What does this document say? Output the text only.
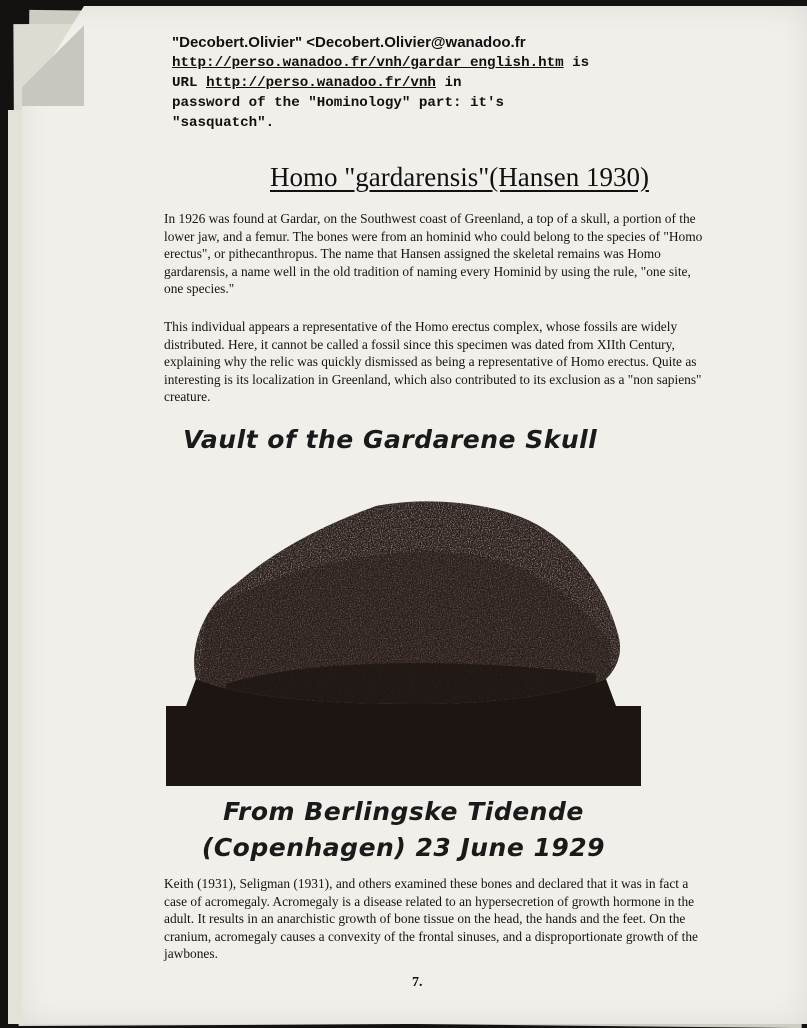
"Decobert.Olivier" <Decobert.Olivier@wanadoo.fr
http://perso.wanadoo.fr/vnh/gardar english.htm is
URL http://perso.wanadoo.fr/vnh in
password of the "Hominology" part: it's
"sasquatch".
Homo "gardarensis"(Hansen 1930)

In 1926 was found at Gardar, on the Southwest coast of Greenland, a top of a skull, a portion of the lower jaw, and a femur. The bones were from an hominid who could belong to the species of "Homo erectus", or pithecanthropus. The name that Hansen assigned the skeletal remains was Homo gardarensis, a name well in the old tradition of naming every Hominid by using the rule, "one site, one species."

This individual appears a representative of the Homo erectus complex, whose fossils are widely distributed. Here, it cannot be called a fossil since this specimen was dated from XIIth Century, explaining why the relic was quickly dismissed as being a representative of Homo erectus. Quite as interesting is its localization in Greenland, which also contributed to its exclusion as a "non sapiens" creature.

Vault of the Gardarene Skull
From Berlingske Tidende
(Copenhagen) 23 June 1929

Keith (1931), Seligman (1931), and others examined these bones and declared that it was in fact a case of acromegaly. Acromegaly is a disease related to an hypersecretion of growth hormone in the adult. It results in an anarchistic growth of bone tissue on the head, the hands and the feet. On the cranium, acromegaly causes a convexity of the frontal sinuses, and a disproportionate growth of the jawbones.

7.
